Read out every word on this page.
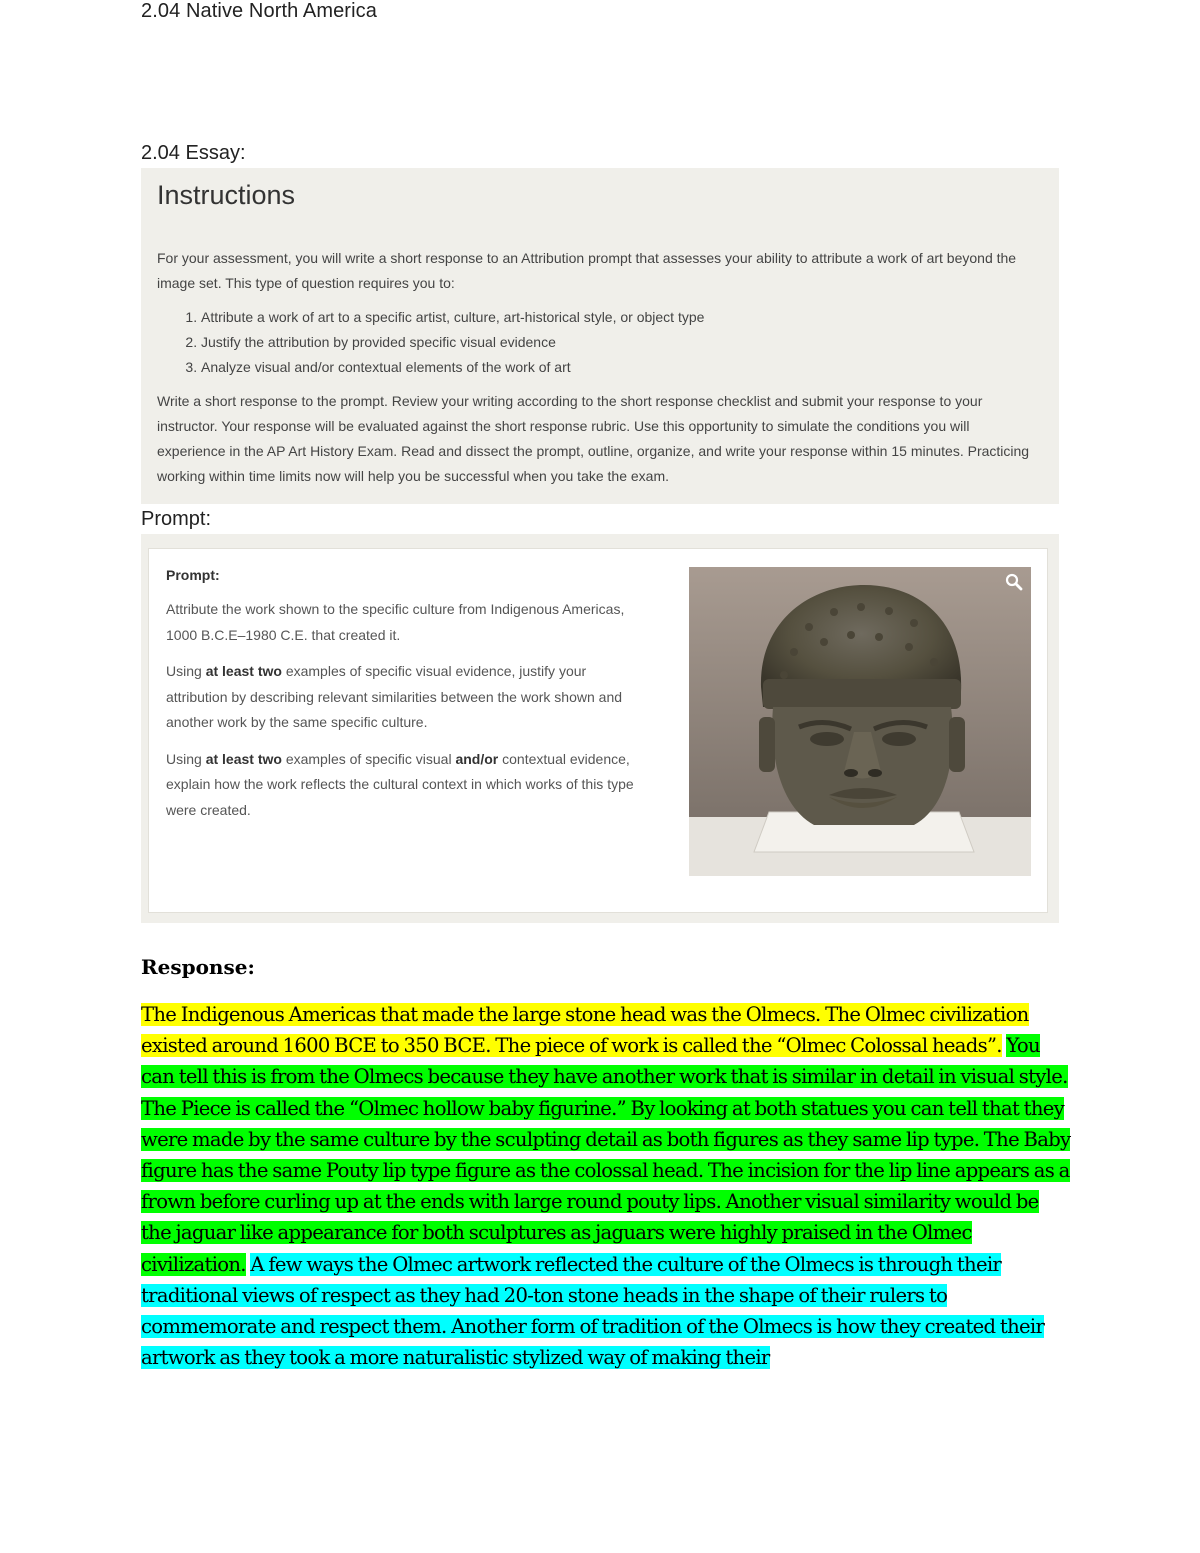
2.04 Native North America
2.04 Essay:
Instructions

For your assessment, you will write a short response to an Attribution prompt that assesses your ability to attribute a work of art beyond the image set. This type of question requires you to:

1. Attribute a work of art to a specific artist, culture, art-historical style, or object type
2. Justify the attribution by provided specific visual evidence
3. Analyze visual and/or contextual elements of the work of art

Write a short response to the prompt. Review your writing according to the short response checklist and submit your response to your instructor. Your response will be evaluated against the short response rubric. Use this opportunity to simulate the conditions you will experience in the AP Art History Exam. Read and dissect the prompt, outline, organize, and write your response within 15 minutes. Practicing working within time limits now will help you be successful when you take the exam.

Prompt:
Prompt:

Attribute the work shown to the specific culture from Indigenous Americas, 1000 B.C.E–1980 C.E. that created it.

Using at least two examples of specific visual evidence, justify your attribution by describing relevant similarities between the work shown and another work by the same specific culture.

Using at least two examples of specific visual and/or contextual evidence, explain how the work reflects the cultural context in which works of this type were created.

Response:

The Indigenous Americas that made the large stone head was the Olmecs. The Olmec civilization existed around 1600 BCE to 350 BCE. The piece of work is called the “Olmec Colossal heads”. You can tell this is from the Olmecs because they have another work that is similar in detail in visual style. The Piece is called the “Olmec hollow baby figurine.” By looking at both statues you can tell that they were made by the same culture by the sculpting detail as both figures as they same lip type. The Baby figure has the same Pouty lip type figure as the colossal head. The incision for the lip line appears as a frown before curling up at the ends with large round pouty lips. Another visual similarity would be the jaguar like appearance for both sculptures as jaguars were highly praised in the Olmec civilization. A few ways the Olmec artwork reflected the culture of the Olmecs is through their traditional views of respect as they had 20-ton stone heads in the shape of their rulers to commemorate and respect them. Another form of tradition of the Olmecs is how they created their artwork as they took a more naturalistic stylized way of making their
